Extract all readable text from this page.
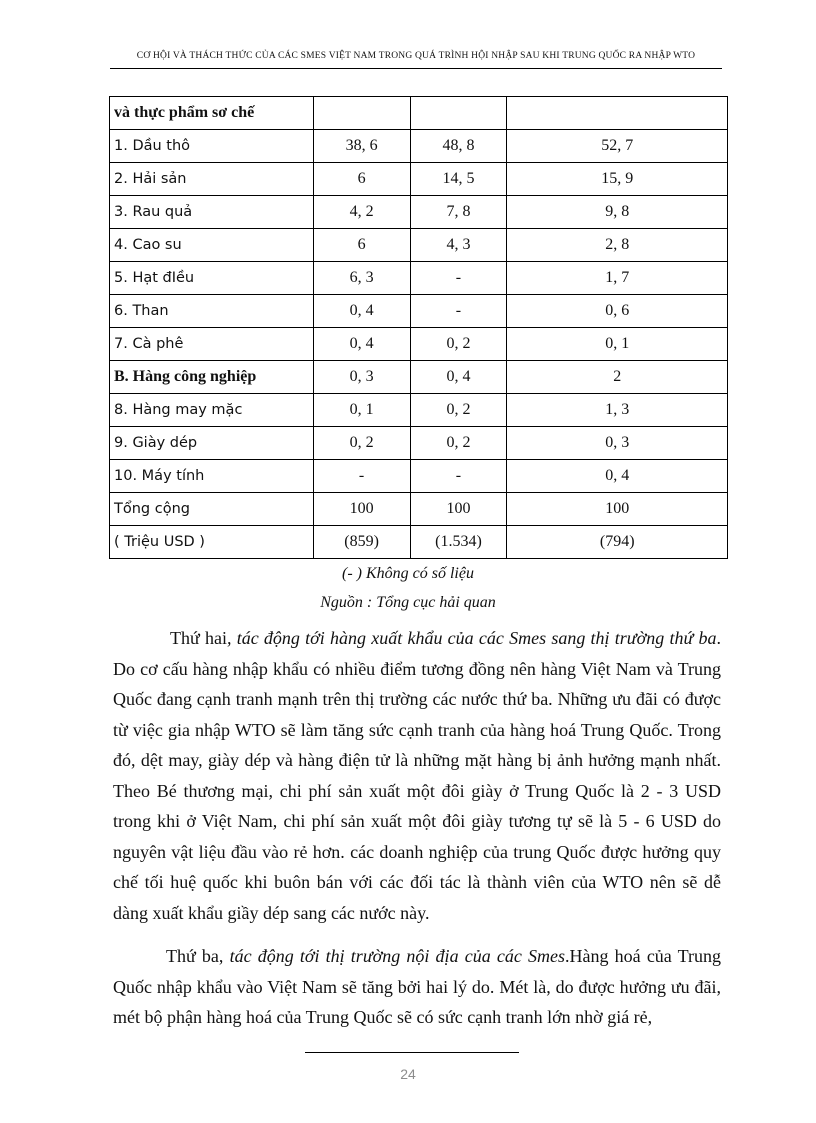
CƠ HỘI VÀ THÁCH THỨC CỦA CÁC SMES VIỆT NAM TRONG QUÁ TRÌNH HỘI NHẬP SAU KHI TRUNG QUỐC RA NHẬP WTO
và thực phẩm sơ chế			
1. Dầu thô	38, 6	48, 8	52, 7
2. Hải sản	6	14, 5	15, 9
3. Rau quả	4, 2	7, 8	9, 8
4. Cao su	6	4, 3	2, 8
5. Hạt đIều	6, 3	-	1, 7
6. Than	0, 4	-	0, 6
7. Cà phê	0, 4	0, 2	0, 1
B. Hàng công nghiệp	0, 3	0, 4	2
8. Hàng may mặc	0, 1	0, 2	1, 3
9. Giày dép	0, 2	0, 2	0, 3
10. Máy tính	-	-	0, 4
Tổng cộng	100	100	100
( Triệu USD )	(859)	(1.534)	(794)
(- ) Không có số liệu
Nguồn : Tổng cục hải quan

Thứ hai, tác động tới hàng xuất khẩu của các Smes sang thị trường thứ ba. Do cơ cấu hàng nhập khẩu có nhiều điểm tương đồng nên hàng Việt Nam và Trung Quốc đang cạnh tranh mạnh trên thị trường các nước thứ ba. Những ưu đãi có được từ việc gia nhập WTO sẽ làm tăng sức cạnh tranh của hàng hoá Trung Quốc. Trong đó, dệt may, giày dép và hàng điện tử là những mặt hàng bị ảnh hưởng mạnh nhất. Theo Bé thương mại, chi phí sản xuất một đôi giày ở Trung Quốc là 2 - 3 USD trong khi ở Việt Nam, chi phí sản xuất một đôi giày tương tự sẽ là 5 - 6 USD do nguyên vật liệu đầu vào rẻ hơn. các doanh nghiệp của trung Quốc được hưởng quy chế tối huệ quốc khi buôn bán với các đối tác là thành viên của WTO nên sẽ dễ dàng xuất khẩu giầy dép sang các nước này.

Thứ ba, tác động tới thị trường nội địa của các Smes.Hàng hoá của Trung Quốc nhập khẩu vào Việt Nam sẽ tăng bởi hai lý do. Mét là, do được hưởng ưu đãi, mét bộ phận hàng hoá của Trung Quốc sẽ có sức cạnh tranh lớn nhờ giá rẻ,

24
